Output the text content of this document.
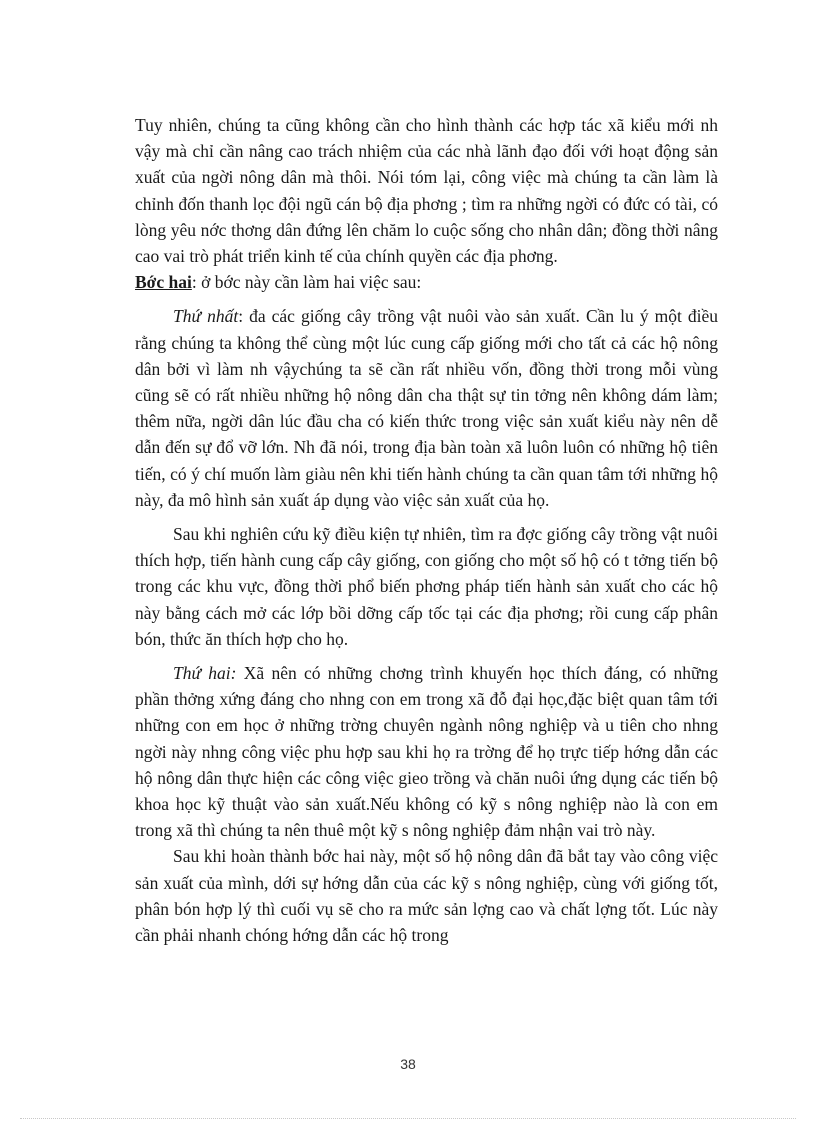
Tuy nhiên, chúng ta cũng không cần cho hình thành các hợp tác xã kiểu mới nh vậy mà chỉ cần nâng cao trách nhiệm của các nhà lãnh đạo đối với hoạt động sản xuất của ngời nông dân mà thôi. Nói tóm lại, công việc mà chúng ta cần làm là chỉnh đốn thanh lọc đội ngũ cán bộ địa phơng ; tìm ra những ngời có đức có tài, có lòng yêu nớc thơng dân đứng lên chăm lo cuộc sống cho nhân dân; đồng thời nâng cao vai trò phát triển kinh tế của chính quyền các địa phơng.

Bớc hai: ở bớc này cần làm hai việc sau:

Thứ nhất: đa các giống cây trồng vật nuôi vào sản xuất. Cần lu ý một điều rằng chúng ta không thể cùng một lúc cung cấp giống mới cho tất cả các hộ nông dân bởi vì làm nh vậychúng ta sẽ cần rất nhiều vốn, đồng thời trong mỗi vùng cũng sẽ có rất nhiều những hộ nông dân cha thật sự tin tởng nên không dám làm; thêm nữa, ngời dân lúc đầu cha có kiến thức trong việc sản xuất kiểu này nên dễ dẫn đến sự đổ vỡ lớn. Nh đã nói, trong địa bàn toàn xã luôn luôn có những hộ tiên tiến, có ý chí muốn làm giàu nên khi tiến hành chúng ta cần quan tâm tới những hộ này, đa mô hình sản xuất áp dụng vào việc sản xuất của họ.

Sau khi nghiên cứu kỹ điều kiện tự nhiên, tìm ra đợc giống cây trồng vật nuôi thích hợp, tiến hành cung cấp cây giống, con giống cho một số hộ có t tởng tiến bộ trong các khu vực, đồng thời phổ biến phơng pháp tiến hành sản xuất cho các hộ này bằng cách mở các lớp bồi dỡng cấp tốc tại các địa phơng; rồi cung cấp phân bón, thức ăn thích hợp cho họ.

Thứ hai: Xã nên có những chơng trình khuyến học thích đáng, có những phần thởng xứng đáng cho nhng con em trong xã đỗ đại học,đặc biệt quan tâm tới những con em học ở những trờng chuyên ngành nông nghiệp và u tiên cho nhng ngời này nhng công việc phu hợp sau khi họ ra trờng để họ trực tiếp hớng dẫn các hộ nông dân thực hiện các công việc gieo trồng và chăn nuôi ứng dụng các tiến bộ khoa học kỹ thuật vào sản xuất.Nếu không có kỹ s nông nghiệp nào là con em trong xã thì chúng ta nên thuê một kỹ s nông nghiệp đảm nhận vai trò này.

Sau khi hoàn thành bớc hai này, một số hộ nông dân đã bắt tay vào công việc sản xuất của mình, dới sự hớng dẫn của các kỹ s nông nghiệp, cùng với giống tốt, phân bón hợp lý thì cuối vụ sẽ cho ra mức sản lợng cao và chất lợng tốt. Lúc này cần phải nhanh chóng hớng dẫn các hộ trong

38
